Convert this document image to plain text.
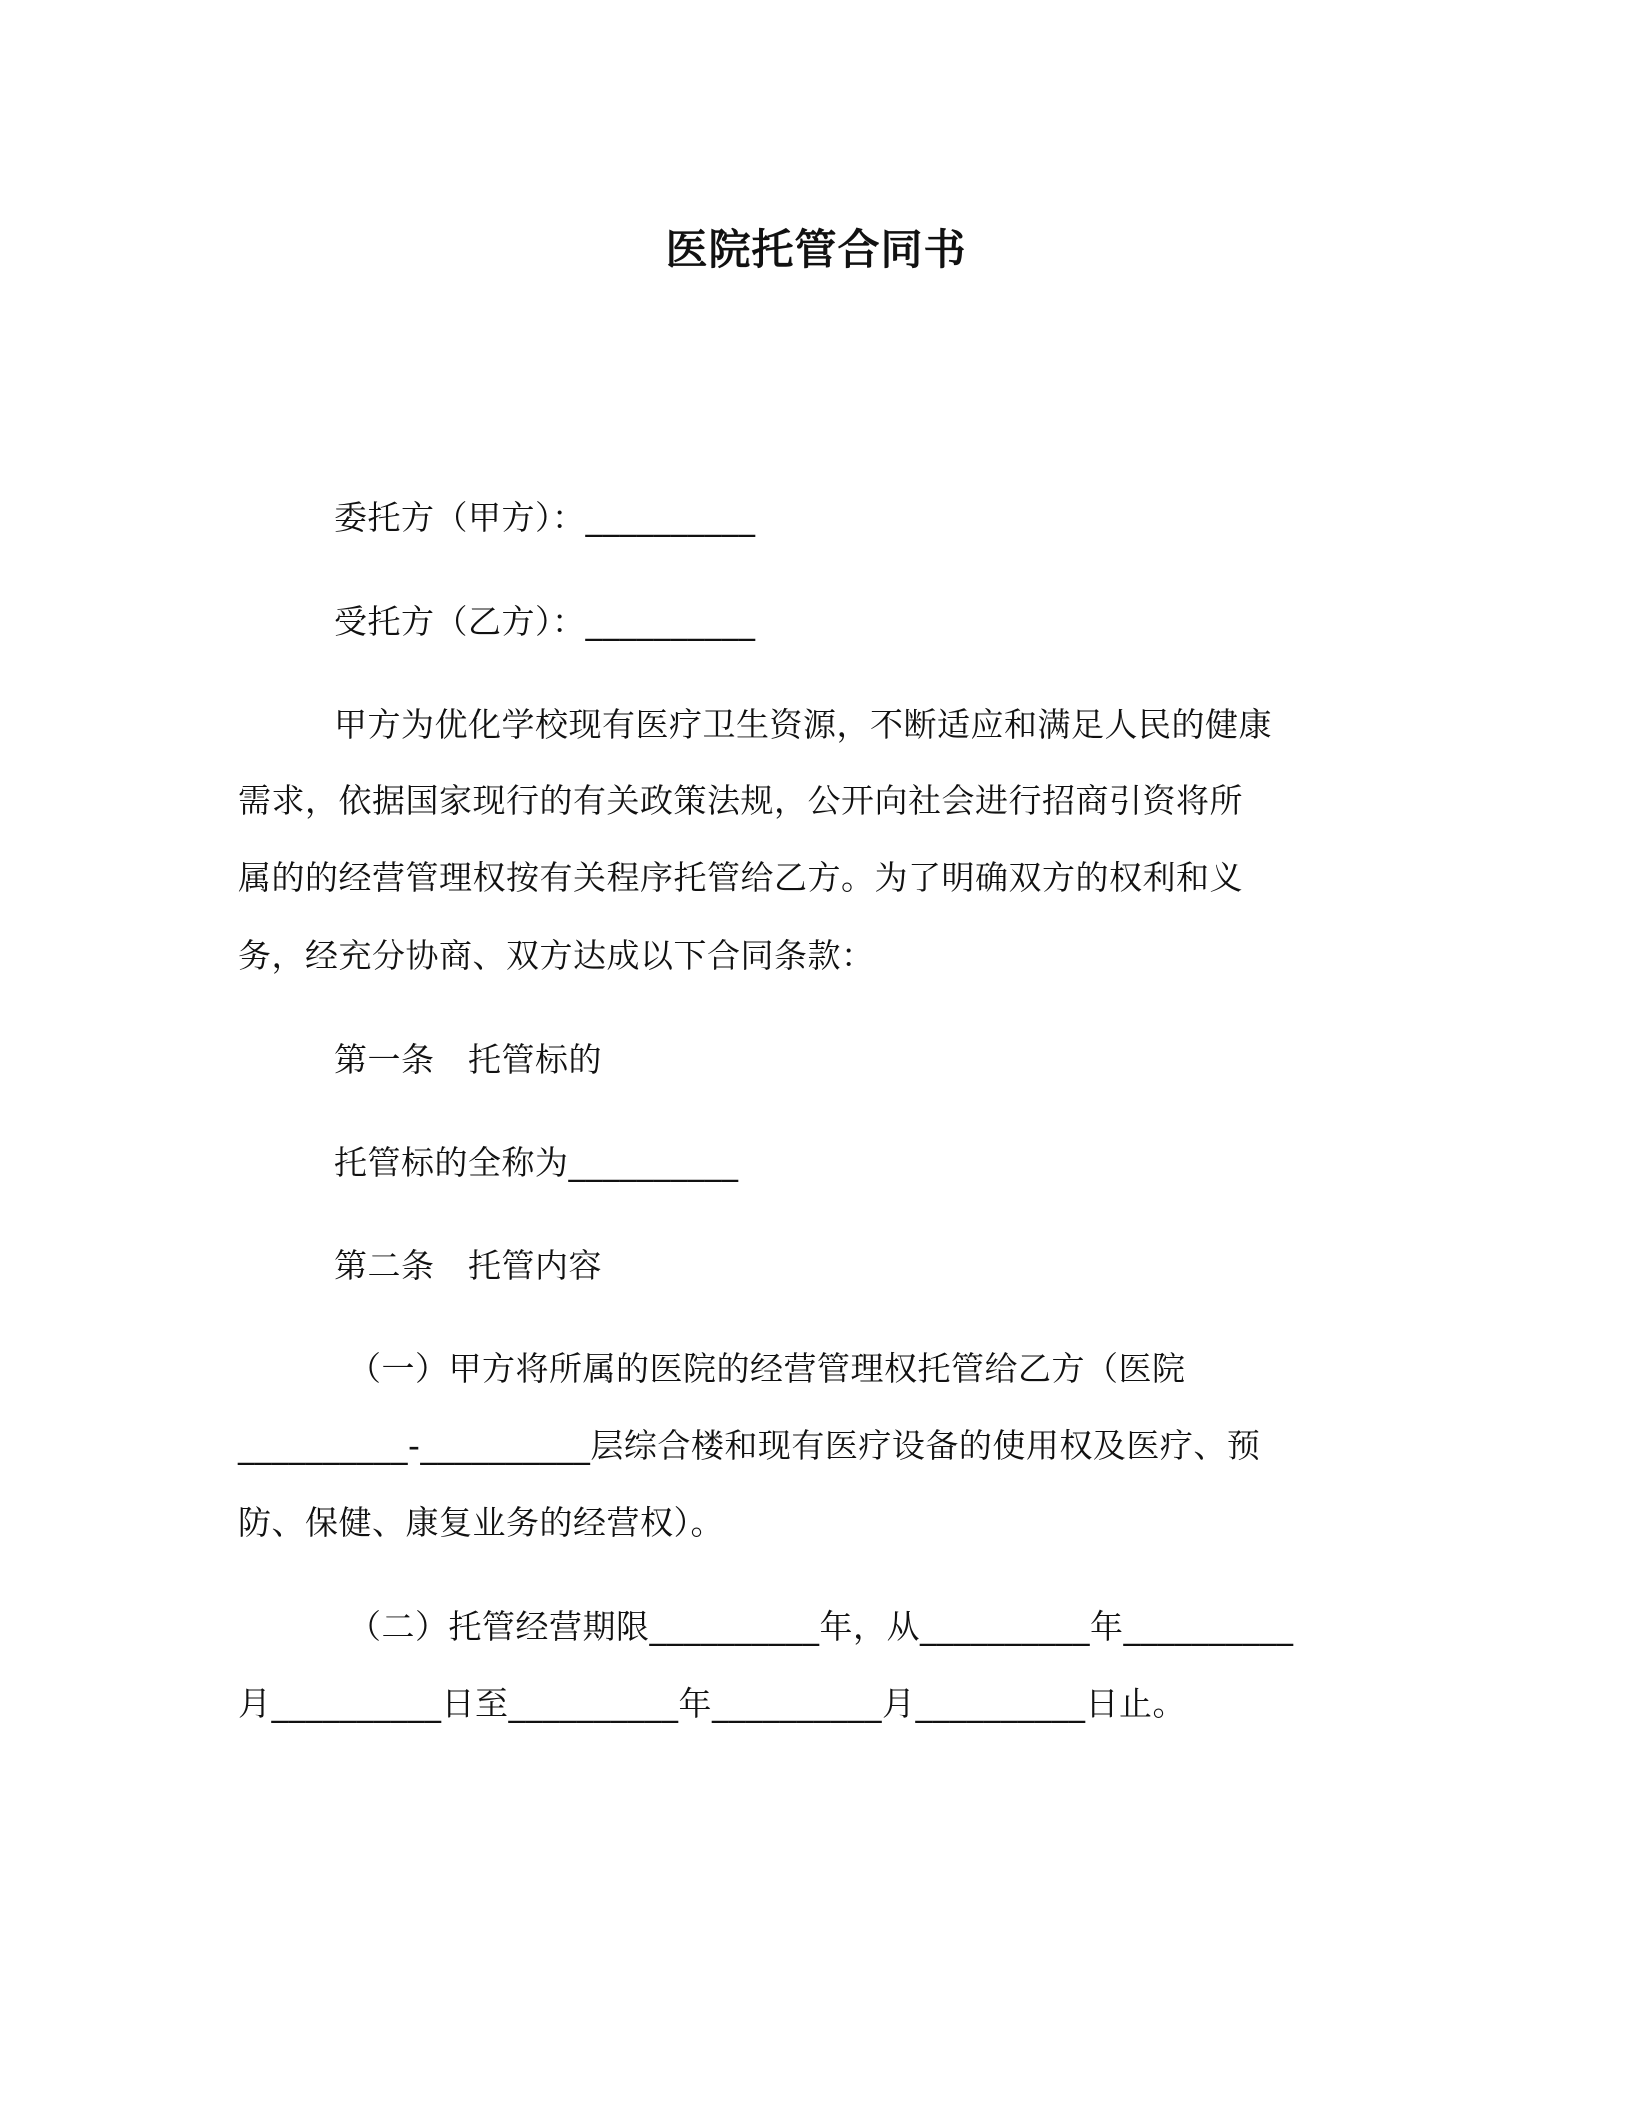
医院托管合同书
委托方（甲方）：__________
受托方（乙方）：__________
甲方为优化学校现有医疗卫生资源，不断适应和满足人民的健康
需求，依据国家现行的有关政策法规，公开向社会进行招商引资将所
属的的经营管理权按有关程序托管给乙方。为了明确双方的权利和义
务，经充分协商、双方达成以下合同条款：
第一条　托管标的
托管标的全称为__________
第二条　托管内容
（一）甲方将所属的医院的经营管理权托管给乙方（医院
__________-__________层综合楼和现有医疗设备的使用权及医疗、预
防、保健、康复业务的经营权）。
（二）托管经营期限__________年，从__________年__________
月__________日至__________年__________月__________日止。
